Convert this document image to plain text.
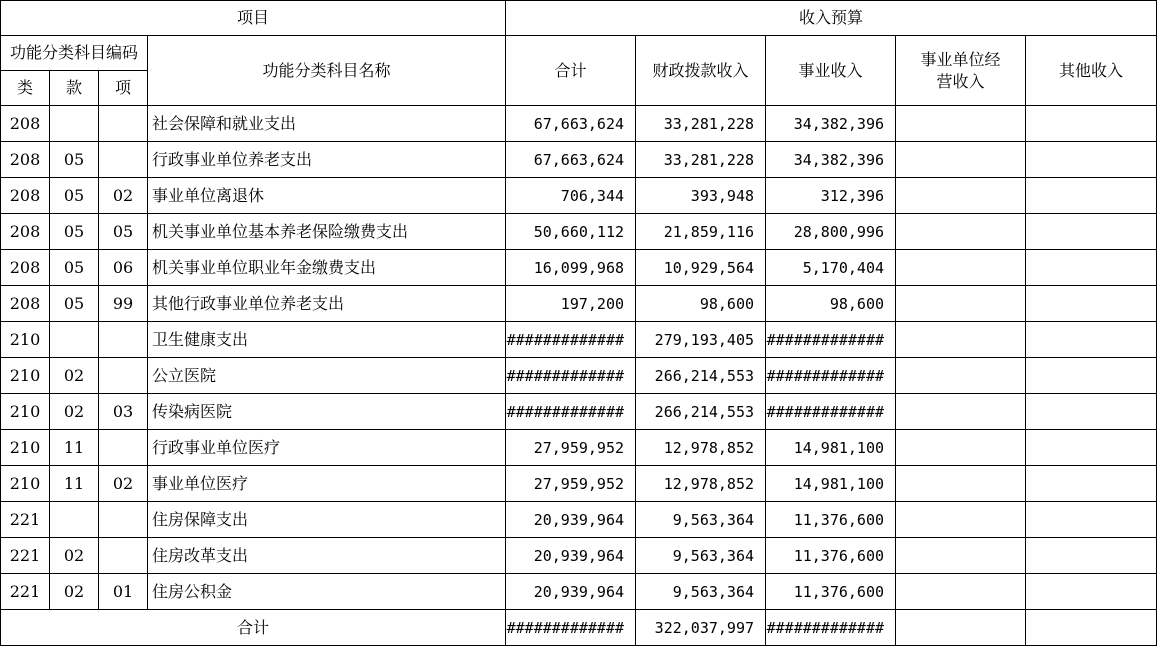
项目				收入预算				
功能分类科目编码			功能分类科目名称	合计	财政拨款收入	事业收入	事业单位经营收入	其他收入
类	款	项						
208			社会保障和就业支出	67,663,624	33,281,228	34,382,396		
208	05		行政事业单位养老支出	67,663,624	33,281,228	34,382,396		
208	05	02	事业单位离退休	706,344	393,948	312,396		
208	05	05	机关事业单位基本养老保险缴费支出	50,660,112	21,859,116	28,800,996		
208	05	06	机关事业单位职业年金缴费支出	16,099,968	10,929,564	5,170,404		
208	05	99	其他行政事业单位养老支出	197,200	98,600	98,600		
210			卫生健康支出	#############	279,193,405	#############		
210	02		公立医院	#############	266,214,553	#############		
210	02	03	传染病医院	#############	266,214,553	#############		
210	11		行政事业单位医疗	27,959,952	12,978,852	14,981,100		
210	11	02	事业单位医疗	27,959,952	12,978,852	14,981,100		
221			住房保障支出	20,939,964	9,563,364	11,376,600		
221	02		住房改革支出	20,939,964	9,563,364	11,376,600		
221	02	01	住房公积金	20,939,964	9,563,364	11,376,600		
合计				#############	322,037,997	#############		
